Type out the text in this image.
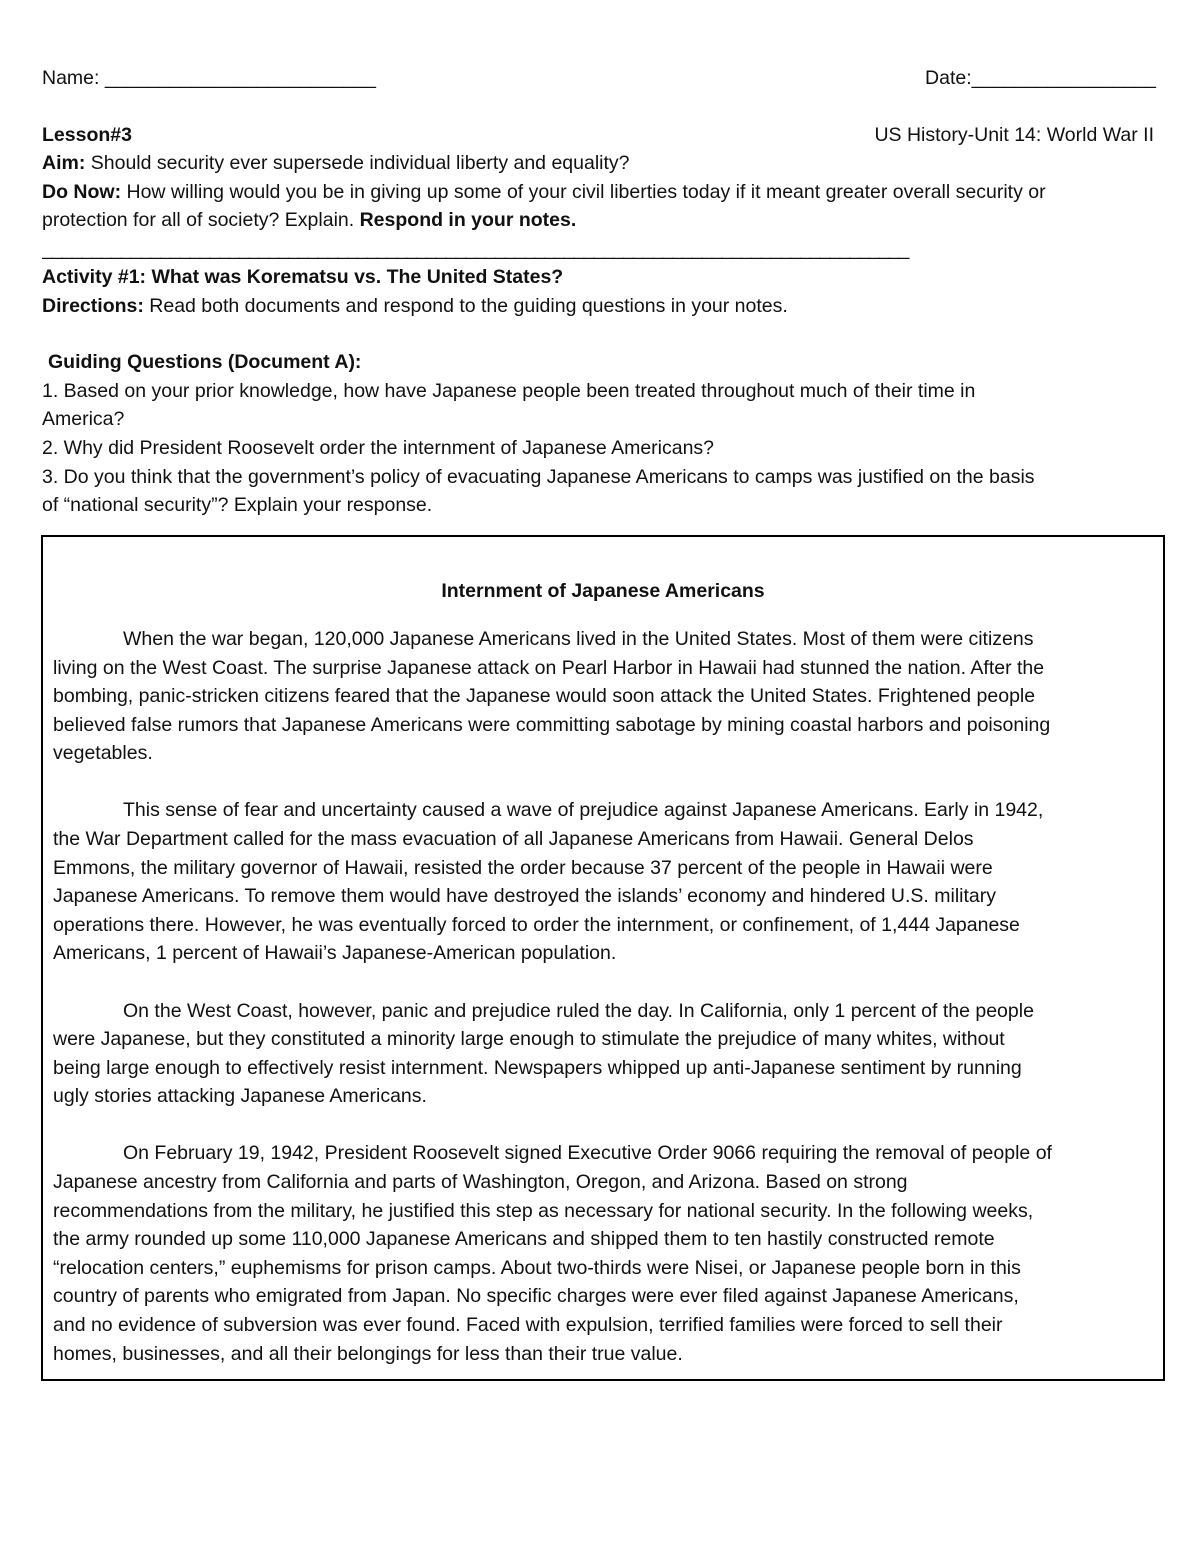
Name: _________________________	Date:_________________
Lesson#3	US History-Unit 14: World War II
Aim: Should security ever supersede individual liberty and equality?
Do Now: How willing would you be in giving up some of your civil liberties today if it meant greater overall security or
protection for all of society? Explain. Respond in your notes.
________________________________________________________________________________________
Activity #1: What was Korematsu vs. The United States?
Directions: Read both documents and respond to the guiding questions in your notes.
Guiding Questions (Document A):
1. Based on your prior knowledge, how have Japanese people been treated throughout much of their time in
America?
2. Why did President Roosevelt order the internment of Japanese Americans?
3. Do you think that the government’s policy of evacuating Japanese Americans to camps was justified on the basis
of “national security”? Explain your response.
Internment of Japanese Americans
When the war began, 120,000 Japanese Americans lived in the United States. Most of them were citizens
living on the West Coast. The surprise Japanese attack on Pearl Harbor in Hawaii had stunned the nation. After the
bombing, panic-stricken citizens feared that the Japanese would soon attack the United States. Frightened people
believed false rumors that Japanese Americans were committing sabotage by mining coastal harbors and poisoning
vegetables.
This sense of fear and uncertainty caused a wave of prejudice against Japanese Americans. Early in 1942,
the War Department called for the mass evacuation of all Japanese Americans from Hawaii. General Delos
Emmons, the military governor of Hawaii, resisted the order because 37 percent of the people in Hawaii were
Japanese Americans. To remove them would have destroyed the islands’ economy and hindered U.S. military
operations there. However, he was eventually forced to order the internment, or confinement, of 1,444 Japanese
Americans, 1 percent of Hawaii’s Japanese-American population.
On the West Coast, however, panic and prejudice ruled the day. In California, only 1 percent of the people
were Japanese, but they constituted a minority large enough to stimulate the prejudice of many whites, without
being large enough to effectively resist internment. Newspapers whipped up anti-Japanese sentiment by running
ugly stories attacking Japanese Americans.
On February 19, 1942, President Roosevelt signed Executive Order 9066 requiring the removal of people of
Japanese ancestry from California and parts of Washington, Oregon, and Arizona. Based on strong
recommendations from the military, he justified this step as necessary for national security. In the following weeks,
the army rounded up some 110,000 Japanese Americans and shipped them to ten hastily constructed remote
“relocation centers,” euphemisms for prison camps. About two-thirds were Nisei, or Japanese people born in this
country of parents who emigrated from Japan. No specific charges were ever filed against Japanese Americans,
and no evidence of subversion was ever found. Faced with expulsion, terrified families were forced to sell their
homes, businesses, and all their belongings for less than their true value.
